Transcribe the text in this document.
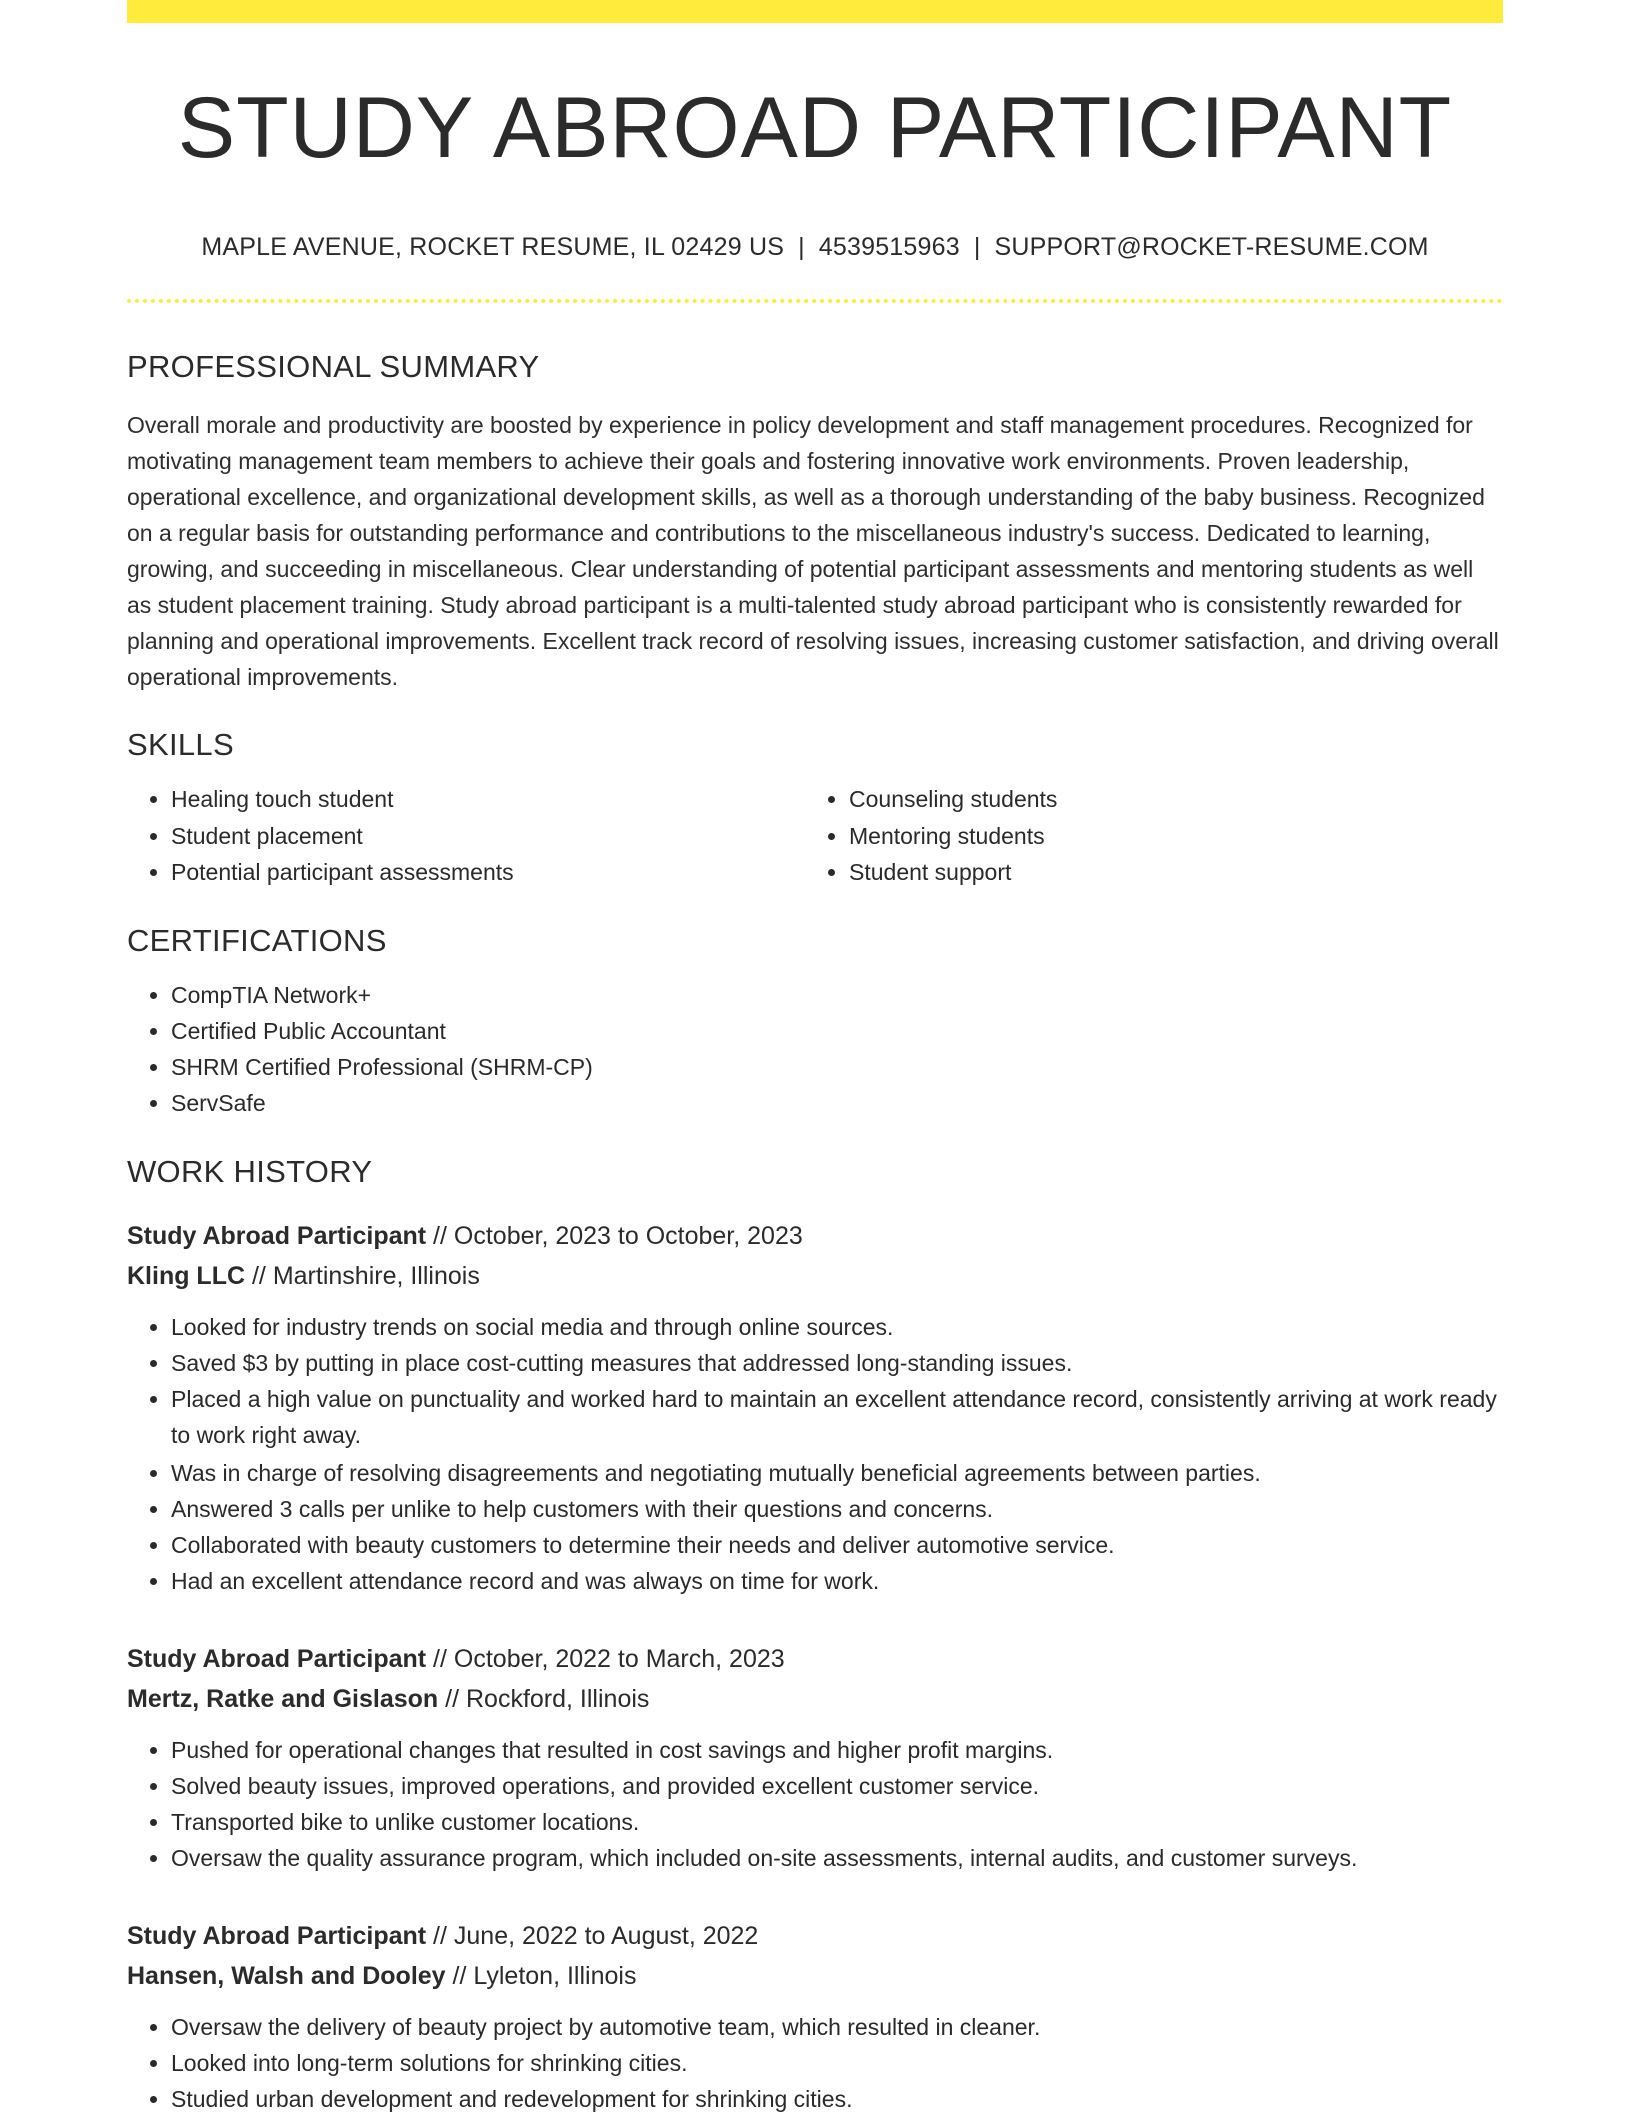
STUDY ABROAD PARTICIPANT
MAPLE AVENUE, ROCKET RESUME, IL 02429 US | 4539515963 | SUPPORT@ROCKET-RESUME.COM
PROFESSIONAL SUMMARY

Overall morale and productivity are boosted by experience in policy development and staff management procedures. Recognized for motivating management team members to achieve their goals and fostering innovative work environments. Proven leadership, operational excellence, and organizational development skills, as well as a thorough understanding of the baby business. Recognized on a regular basis for outstanding performance and contributions to the miscellaneous industry's success. Dedicated to learning, growing, and succeeding in miscellaneous. Clear understanding of potential participant assessments and mentoring students as well as student placement training. Study abroad participant is a multi-talented study abroad participant who is consistently rewarded for planning and operational improvements. Excellent track record of resolving issues, increasing customer satisfaction, and driving overall operational improvements.

SKILLS
• Healing touch student
• Student placement
• Potential participant assessments
• Counseling students
• Mentoring students
• Student support
CERTIFICATIONS
• CompTIA Network+
• Certified Public Accountant
• SHRM Certified Professional (SHRM-CP)
• ServSafe
WORK HISTORY
Study Abroad Participant // October, 2023 to October, 2023
Kling LLC // Martinshire, Illinois
• Looked for industry trends on social media and through online sources.
• Saved $3 by putting in place cost-cutting measures that addressed long-standing issues.
• Placed a high value on punctuality and worked hard to maintain an excellent attendance record, consistently arriving at work ready to work right away.
• Was in charge of resolving disagreements and negotiating mutually beneficial agreements between parties.
• Answered 3 calls per unlike to help customers with their questions and concerns.
• Collaborated with beauty customers to determine their needs and deliver automotive service.
• Had an excellent attendance record and was always on time for work.
Study Abroad Participant // October, 2022 to March, 2023
Mertz, Ratke and Gislason // Rockford, Illinois
• Pushed for operational changes that resulted in cost savings and higher profit margins.
• Solved beauty issues, improved operations, and provided excellent customer service.
• Transported bike to unlike customer locations.
• Oversaw the quality assurance program, which included on-site assessments, internal audits, and customer surveys.
Study Abroad Participant // June, 2022 to August, 2022
Hansen, Walsh and Dooley // Lyleton, Illinois
• Oversaw the delivery of beauty project by automotive team, which resulted in cleaner.
• Looked into long-term solutions for shrinking cities.
• Studied urban development and redevelopment for shrinking cities.
